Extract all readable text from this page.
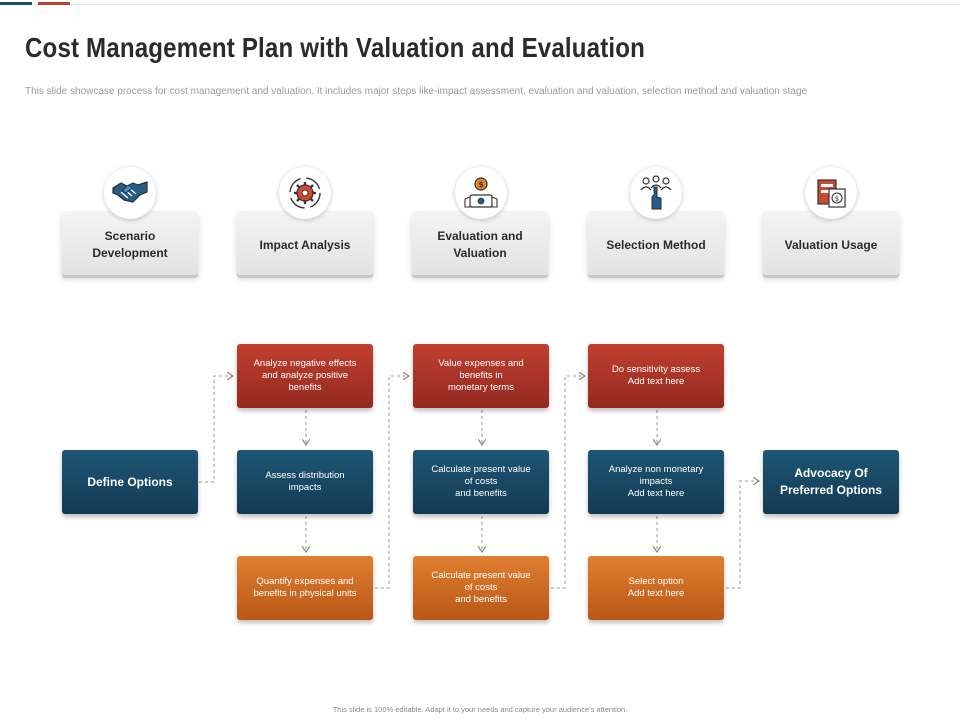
Cost Management Plan with Valuation and Evaluation
This slide showcase process for cost management and valuation. It includes major steps like-impact assessment, evaluation and valuation, selection method and valuation stage
Scenario
Development
Impact Analysis
Evaluation and
Valuation
Selection Method	Valuation Usage
$
$
Define Options
Analyze negative effects
and analyze positive
benefits
Assess distribution
impacts
Quantify expenses and
benefits in physical units
Value expenses and
benefits in
monetary terms
Calculate present value
of costs
and benefits
Calculate present value
of costs
and benefits
Do sensitivity assess
Add text here
Analyze non monetary
impacts
Add text here
Select option
Add text here
Advocacy Of
Preferred Options
This slide is 100% editable. Adapt it to your needs and capture your audience's attention.
